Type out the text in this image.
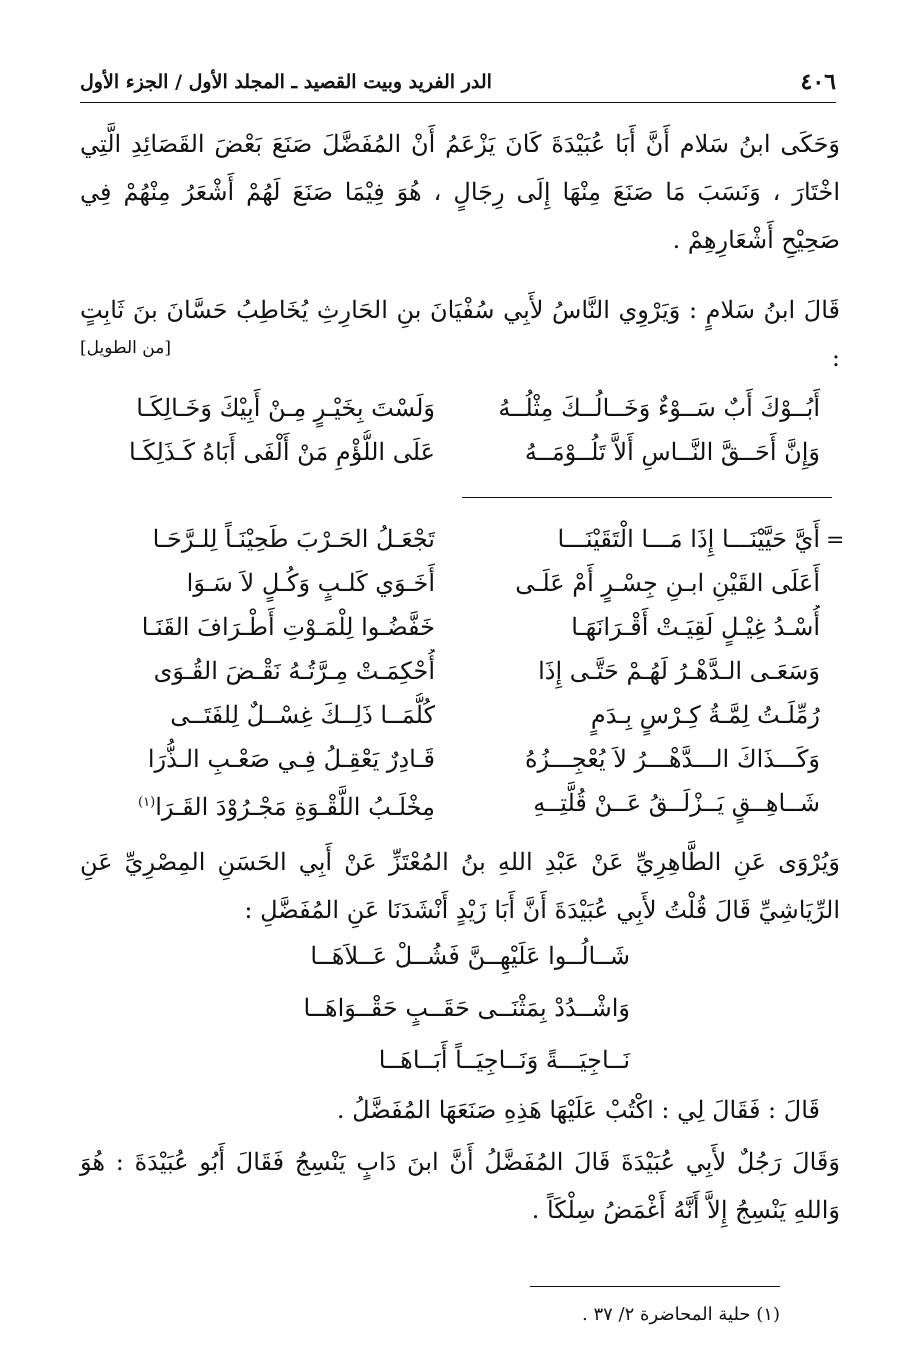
٤٠٦
الدر الفريد وبيت القصيد ـ المجلد الأول / الجزء الأول

وَحَكَى ابنُ سَلام أَنَّ أَبَا عُبَيْدَةَ كَانَ يَزْعَمُ أَنْ المُفَضَّلَ صَنَعَ بَعْضَ القَصَائِدِ الَّتِي اخْتَارَ ، وَنَسَبَ مَا صَنَعَ مِنْهَا إِلَى رِجَالٍ ، هُوَ فِيْمَا صَنَعَ لَهُمْ أَشْعَرُ مِنْهُمْ فِي صَحِيْحِ أَشْعَارِهِمْ .

قَالَ ابنُ سَلامٍ : وَيَرْوِي النَّاسُ لأَبِي سُفْيَانَ بنِ الحَارِثِ يُخَاطِبُ حَسَّانَ بنَ ثَابِتٍ :

[من الطويل]
أَبُــوْكَ أَبٌ سَــوْءٌ وَخَــالُــكَ مِثْلُــهُ
وَلَسْتَ بِخَيْـرٍ مِـنْ أَبِيْكَ وَخَـالِكَـا
وَإِنَّ أَحَــقَّ النَّــاسِ أَلاَّ تَلُــوْمَــهُ
عَلَى اللُّؤْمِ مَنْ أَلْفَى أَبَاهُ كَـذَلِكَـا
=
أَيَّ حَيَّيْنَـــا إِذَا مَـــا الْتَقَيْنَـــا
تَجْعَـلُ الحَـرْبَ طَحِيْنَـاً لِلـرَّحَـا
أَعَلَى القَيْنِ ابـنِ جِسْـرٍ أَمْ عَلَـى
أَخَـوَي كَلـبٍ وَكُـلٍ لاَ سَـوَا
أُسْـدُ غِيْـلٍ لَقِيَـتْ أَقْـرَانَهَـا
خَفَّضُـوا لِلْمَـوْتِ أَطْـرَافَ القَنَـا
وَسَعَـى الـدَّهْـرُ لَهُـمْ حَتَّـى إِذَا
أُحْكِمَـتْ مِـرَّتُـهُ نَقْـضَ القُـوَى
رُمِّلَـتُ لِمَّـةُ كِـرْسٍ بِـدَمٍ
كُلُّمَــا ذَلِــكَ غِسْــلٌ لِلفَتَــى
وَكَـــذَاكَ الـــدَّهْـــرُ لاَ يُعْجِـــزُهُ
قَـادِرٌ يَعْقِـلُ فِـي صَعْـبِ الـذُّرَا
شَــاهِــقٍ يَــزْلَــقُ عَــنْ قُلَّتِــهِ
مِخْلَـبُ اللَّقْـوَةِ مَجْـرُوْدَ القَـرَا$^{(١)}$

وَيُرْوَى عَنِ الطَّاهِرِيِّ عَنْ عَبْدِ اللهِ بنُ المُعْتَزِّ عَنْ أَبِي الحَسَنِ المِصْرِيِّ عَنِ الرِّيَاشِيِّ قَالَ قُلْتُ لأَبِي عُبَيْدَةَ أَنَّ أَبَا زَيْدٍ أَنْشَدَنَا عَنِ المُفَضَّلِ :

شَــالُــوا عَلَيْهِــنَّ فَشُــلْ عَــلاَهَــا
وَاشْــدُدْ بِمَثْنَــى حَقَــبٍ حَقْــوَاهَــا
نَــاجِيَـــةً وَنَــاجِيَــاً أَبَــاهَــا

قَالَ : فَقَالَ لِي : اكْتُبْ عَلَيْهَا هَذِهِ صَنَعَهَا المُفَضَّلُ .

وَقَالَ رَجُلٌ لأَبِي عُبَيْدَةَ قَالَ المُفَضَّلُ أَنَّ ابنَ دَابٍ يَنْسِجُ فَقَالَ أَبُو عُبَيْدَةَ : هُوَ وَاللهِ يَنْسِجُ إِلاَّ أَنَّهُ أَغْمَضُ سِلْكَاً .

(١) حلية المحاضرة ٢/ ٣٧ .
